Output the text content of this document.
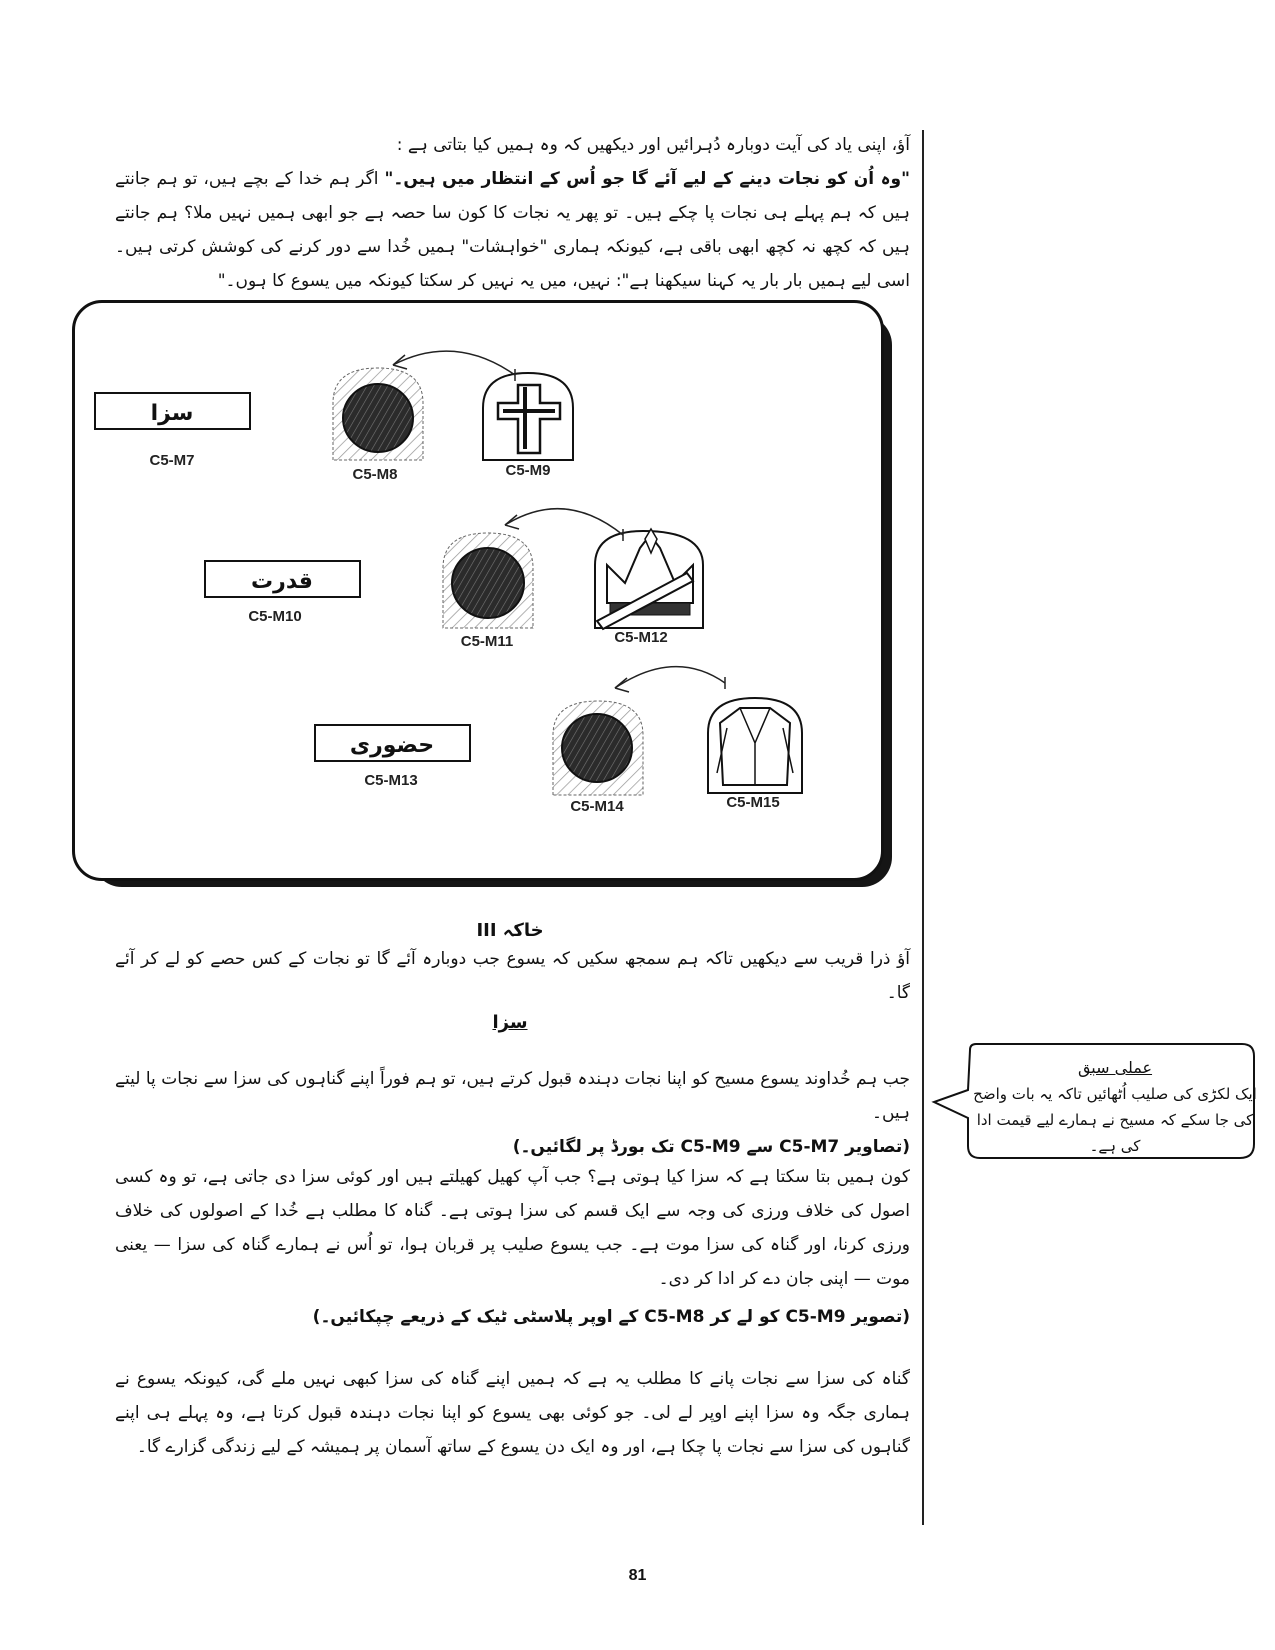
آؤ، اپنی یاد کی آیت دوبارہ دُہرائیں اور دیکھیں کہ وہ ہمیں کیا بتاتی ہے :

"وہ اُن کو نجات دینے کے لیے آئے گا جو اُس کے انتظار میں ہیں۔" اگر ہم خدا کے بچے ہیں، تو ہم جانتے ہیں کہ ہم پہلے ہی نجات پا چکے ہیں۔ تو پھر یہ نجات کا کون سا حصہ ہے جو ابھی ہمیں نہیں ملا؟ ہم جانتے ہیں کہ کچھ نہ کچھ ابھی باقی ہے، کیونکہ ہماری "خواہشات" ہمیں خُدا سے دور کرنے کی کوشش کرتی ہیں۔ اسی لیے ہمیں بار بار یہ کہنا سیکھنا ہے": نہیں، میں یہ نہیں کر سکتا کیونکہ میں یسوع کا ہوں۔"

سزا
C5-M7
C5-M8	C5-M9
قدرت
C5-M10
C5-M11	C5-M12
حضوری
C5-M13
C5-M14	C5-M15
خاکہ III
آؤ ذرا قریب سے دیکھیں تاکہ ہم سمجھ سکیں کہ یسوع جب دوبارہ آئے گا تو نجات کے کس حصے کو لے کر آئے گا۔
سزا

جب ہم خُداوند یسوع مسیح کو اپنا نجات دہندہ قبول کرتے ہیں، تو ہم فوراً اپنے گناہوں کی سزا سے نجات پا لیتے ہیں۔

(تصاویر C5-M7 سے C5-M9 تک بورڈ پر لگائیں۔)

کون ہمیں بتا سکتا ہے کہ سزا کیا ہوتی ہے؟ جب آپ کھیل کھیلتے ہیں اور کوئی سزا دی جاتی ہے، تو وہ کسی اصول کی خلاف ورزی کی وجہ سے ایک قسم کی سزا ہوتی ہے۔ گناہ کا مطلب ہے خُدا کے اصولوں کی خلاف ورزی کرنا، اور گناہ کی سزا موت ہے۔ جب یسوع صلیب پر قربان ہوا، تو اُس نے ہمارے گناہ کی سزا — یعنی موت — اپنی جان دے کر ادا کر دی۔
(تصویر C5-M9 کو لے کر C5-M8 کے اوپر پلاسٹی ٹیک کے ذریعے چپکائیں۔)
گناہ کی سزا سے نجات پانے کا مطلب یہ ہے کہ ہمیں اپنے گناہ کی سزا کبھی نہیں ملے گی، کیونکہ یسوع نے ہماری جگہ وہ سزا اپنے اوپر لے لی۔ جو کوئی بھی یسوع کو اپنا نجات دہندہ قبول کرتا ہے، وہ پہلے ہی اپنے گناہوں کی سزا سے نجات پا چکا ہے، اور وہ ایک دن یسوع کے ساتھ آسمان پر ہمیشہ کے لیے زندگی گزارے گا۔
عملی سبق
ایک لکڑی کی صلیب اُٹھائیں تاکہ یہ بات واضح کی جا سکے کہ مسیح نے ہمارے لیے قیمت ادا کی ہے۔
81
